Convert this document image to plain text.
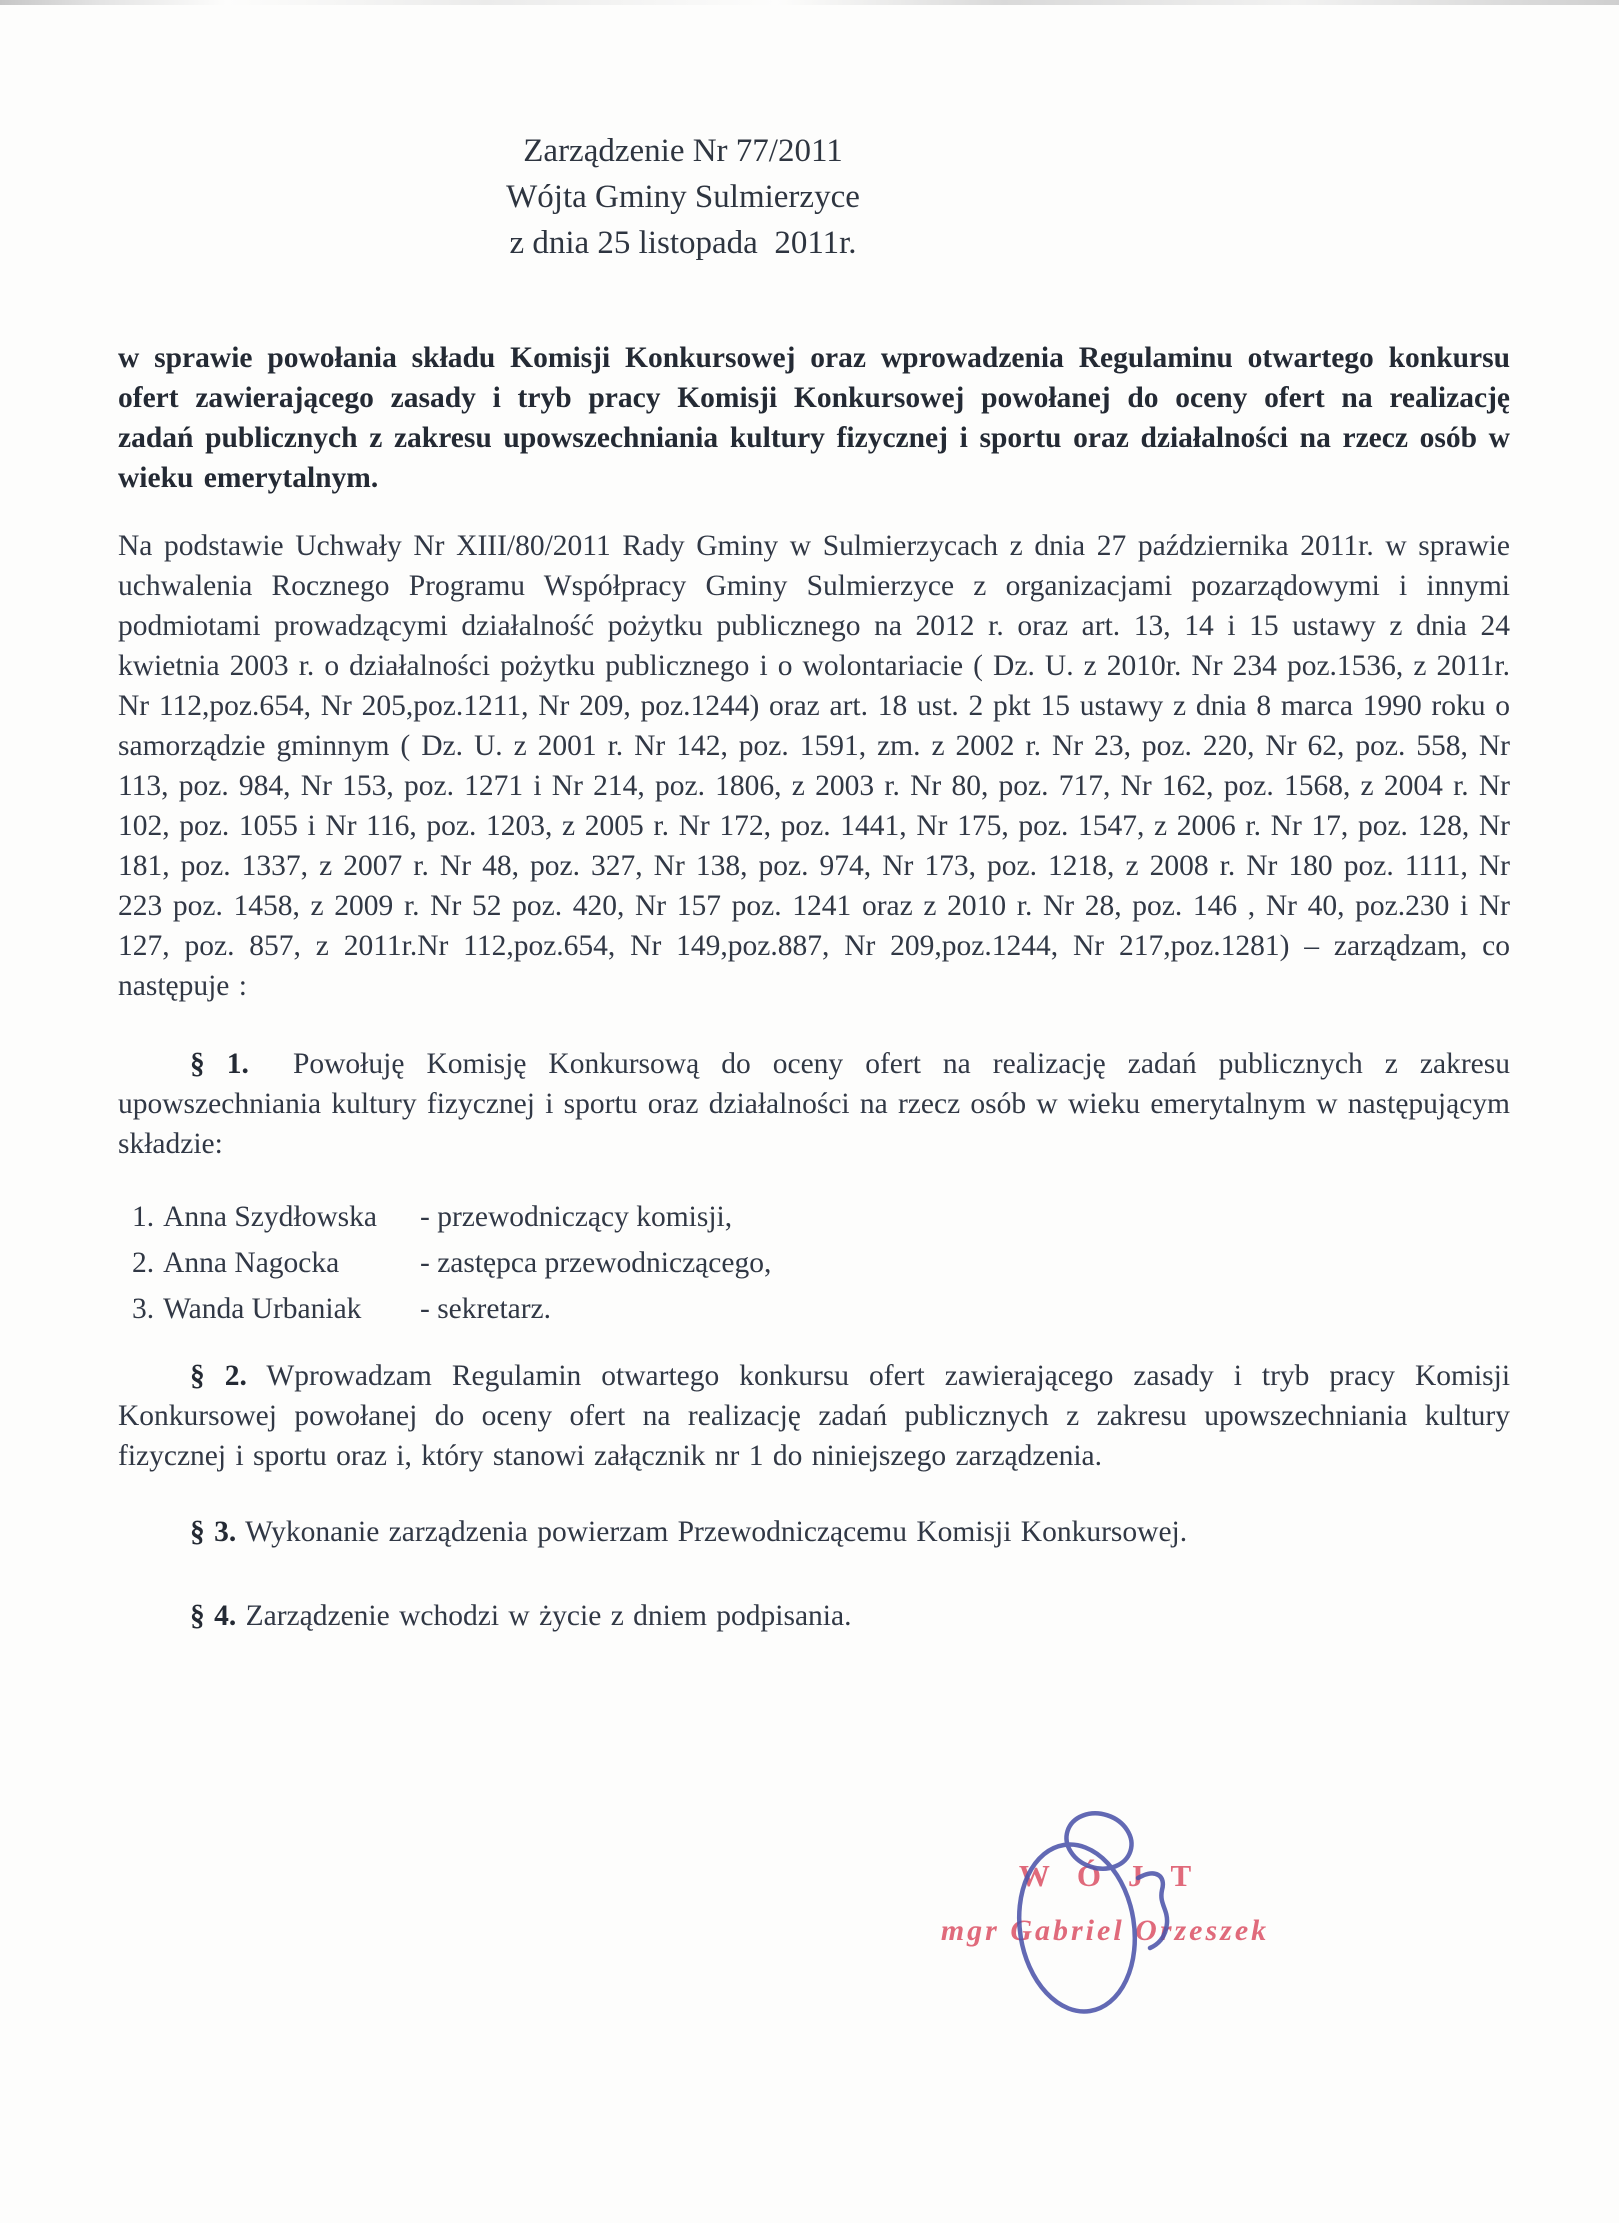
Zarządzenie Nr 77/2011
Wójta Gminy Sulmierzyce
z dnia 25 listopada  2011r.

w sprawie powołania składu Komisji Konkursowej oraz wprowadzenia Regulaminu otwartego konkursu ofert zawierającego zasady i tryb pracy Komisji Konkursowej powołanej do oceny ofert na realizację zadań publicznych z zakresu upowszechniania kultury fizycznej i sportu oraz działalności na rzecz osób w wieku emerytalnym.

Na podstawie Uchwały Nr XIII/80/2011 Rady Gminy w Sulmierzycach z dnia 27 października 2011r. w sprawie uchwalenia Rocznego Programu Współpracy Gminy Sulmierzyce z organizacjami pozarządowymi i innymi podmiotami prowadzącymi działalność pożytku publicznego na 2012 r. oraz art. 13, 14 i 15 ustawy z dnia 24 kwietnia 2003 r. o działalności pożytku publicznego i o wolontariacie ( Dz. U. z 2010r. Nr 234 poz.1536, z 2011r. Nr 112,poz.654, Nr 205,poz.1211, Nr 209, poz.1244) oraz art. 18 ust. 2 pkt 15 ustawy z dnia 8 marca 1990 roku o samorządzie gminnym ( Dz. U. z 2001 r. Nr 142, poz. 1591, zm. z 2002 r. Nr 23, poz. 220, Nr 62, poz. 558, Nr 113, poz. 984, Nr 153, poz. 1271 i Nr 214, poz. 1806, z 2003 r. Nr 80, poz. 717, Nr 162, poz. 1568, z 2004 r. Nr 102, poz. 1055 i Nr 116, poz. 1203, z 2005 r. Nr 172, poz. 1441, Nr 175, poz. 1547, z 2006 r. Nr 17, poz. 128, Nr 181, poz. 1337, z 2007 r. Nr 48, poz. 327, Nr 138, poz. 974, Nr 173, poz. 1218, z 2008 r. Nr 180 poz. 1111, Nr 223 poz. 1458, z 2009 r. Nr 52 poz. 420, Nr 157 poz. 1241 oraz z 2010 r. Nr 28, poz. 146 , Nr 40, poz.230 i Nr 127, poz. 857, z 2011r.Nr 112,poz.654, Nr 149,poz.887, Nr 209,poz.1244, Nr 217,poz.1281) – zarządzam, co następuje :

§ 1. Powołuję Komisję Konkursową do oceny ofert na realizację zadań publicznych z zakresu upowszechniania kultury fizycznej i sportu oraz działalności na rzecz osób w wieku emerytalnym w następującym składzie:

1. Anna Szydłowska	- przewodniczący komisji,
2. Anna Nagocka	- zastępca przewodniczącego,
3. Wanda Urbaniak	- sekretarz.

§ 2. Wprowadzam Regulamin otwartego konkursu ofert zawierającego zasady i tryb pracy Komisji Konkursowej powołanej do oceny ofert na realizację zadań publicznych z zakresu upowszechniania kultury fizycznej i sportu oraz i, który stanowi załącznik nr 1 do niniejszego zarządzenia.

§ 3. Wykonanie zarządzenia powierzam Przewodniczącemu Komisji Konkursowej.

§ 4. Zarządzenie wchodzi w życie z dniem podpisania.

WÓJT
mgr Gabriel Orzeszek
